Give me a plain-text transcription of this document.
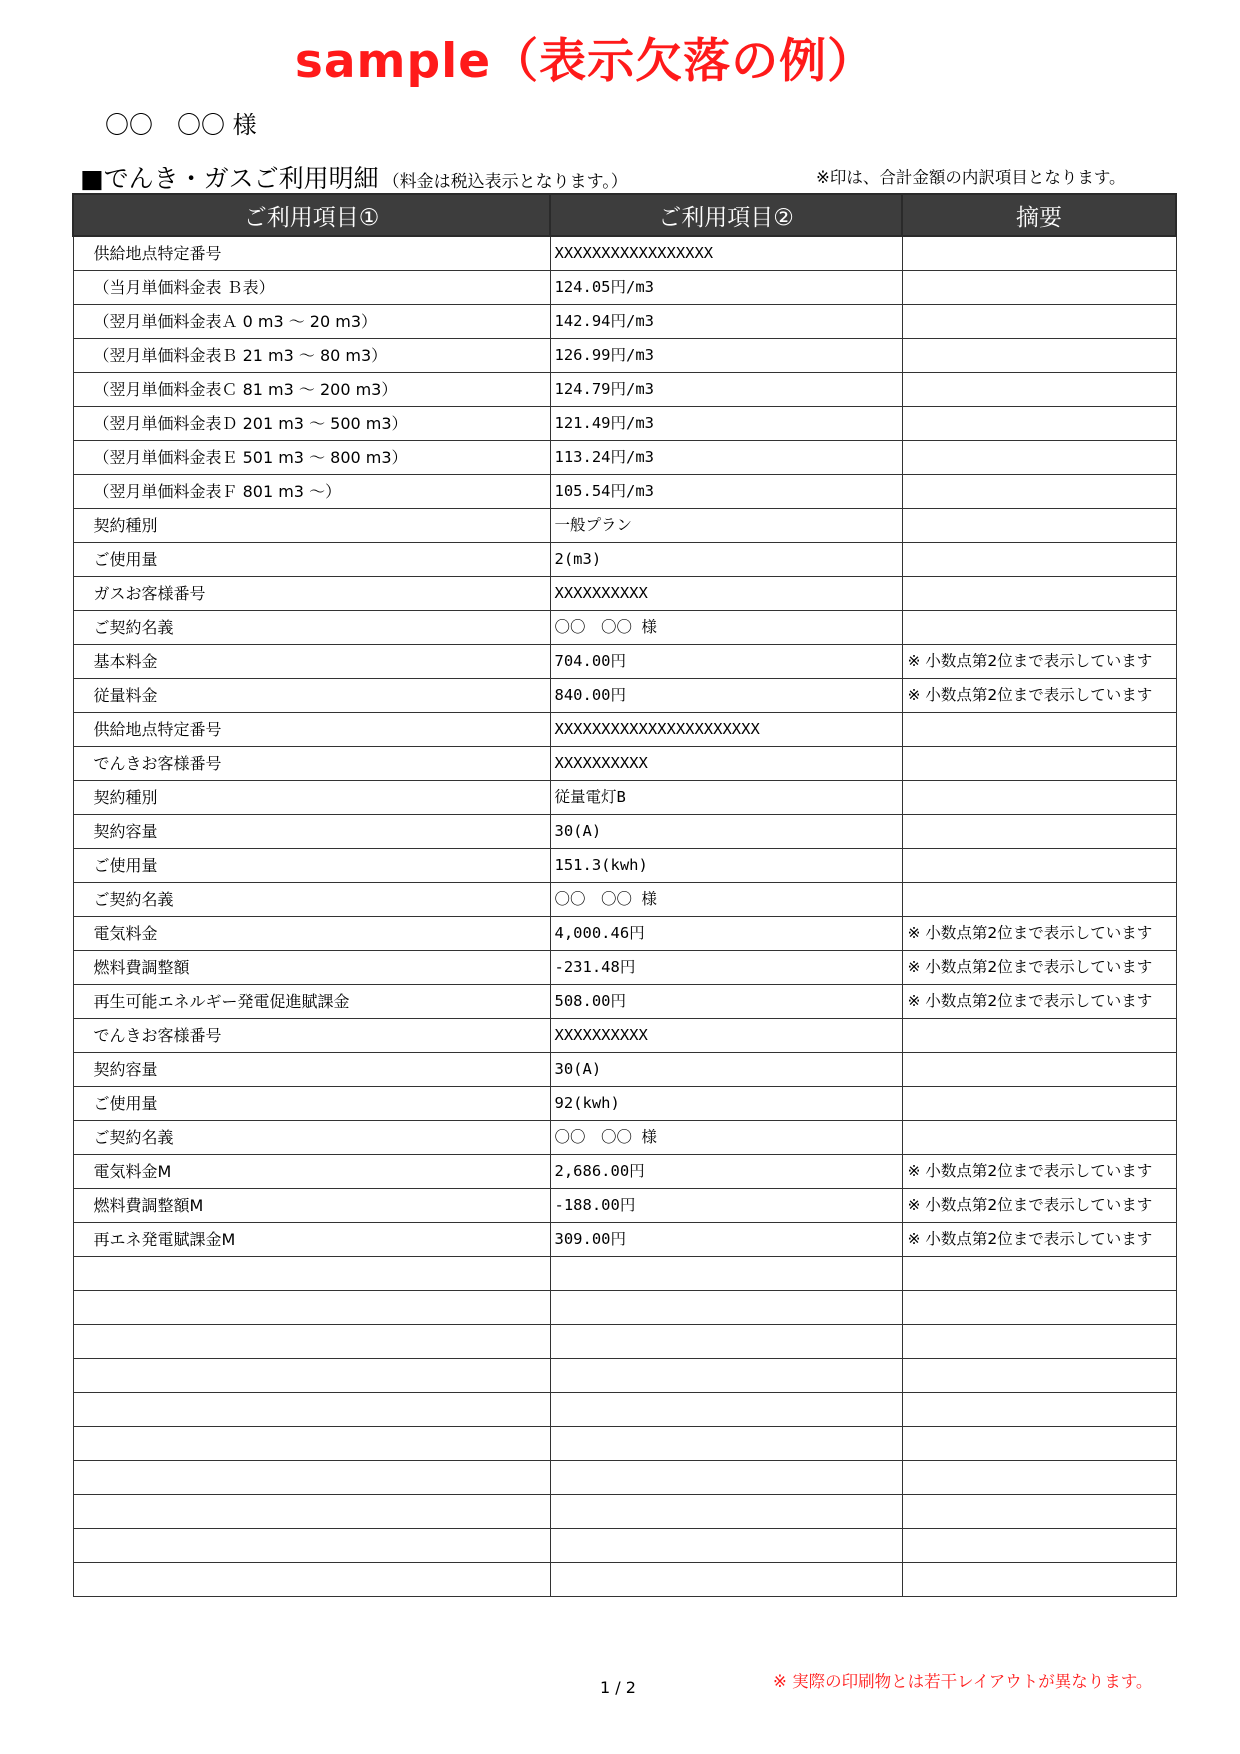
sample（表示欠落の例）
〇〇　〇〇 様
■でんき・ガスご利用明細 （料金は税込表示となります。）	※印は、合計金額の内訳項目となります。
ご利用項目①	ご利用項目②	摘要
供給地点特定番号	XXXXXXXXXXXXXXXXX	
（当月単価料金表 Ｂ表）	124.05円/m3	
（翌月単価料金表Ａ 0 m3 ～ 20 m3）	142.94円/m3	
（翌月単価料金表Ｂ 21 m3 ～ 80 m3）	126.99円/m3	
（翌月単価料金表Ｃ 81 m3 ～ 200 m3）	124.79円/m3	
（翌月単価料金表Ｄ 201 m3 ～ 500 m3）	121.49円/m3	
（翌月単価料金表Ｅ 501 m3 ～ 800 m3）	113.24円/m3	
（翌月単価料金表Ｆ 801 m3 ～）	105.54円/m3	
契約種別	一般プラン	
ご使用量	2(m3)	
ガスお客様番号	XXXXXXXXXX	
ご契約名義	〇〇　〇〇 様	
基本料金	704.00円	※ 小数点第2位まで表示しています
従量料金	840.00円	※ 小数点第2位まで表示しています
供給地点特定番号	XXXXXXXXXXXXXXXXXXXXXX	
でんきお客様番号	XXXXXXXXXX	
契約種別	従量電灯B	
契約容量	30(A)	
ご使用量	151.3(kwh)	
ご契約名義	〇〇　〇〇 様	
電気料金	4,000.46円	※ 小数点第2位まで表示しています
燃料費調整額	-231.48円	※ 小数点第2位まで表示しています
再生可能エネルギー発電促進賦課金	508.00円	※ 小数点第2位まで表示しています
でんきお客様番号	XXXXXXXXXX	
契約容量	30(A)	
ご使用量	92(kwh)	
ご契約名義	〇〇　〇〇 様	
電気料金M	2,686.00円	※ 小数点第2位まで表示しています
燃料費調整額M	-188.00円	※ 小数点第2位まで表示しています
再エネ発電賦課金M	309.00円	※ 小数点第2位まで表示しています

1 / 2	※ 実際の印刷物とは若干レイアウトが異なります。
